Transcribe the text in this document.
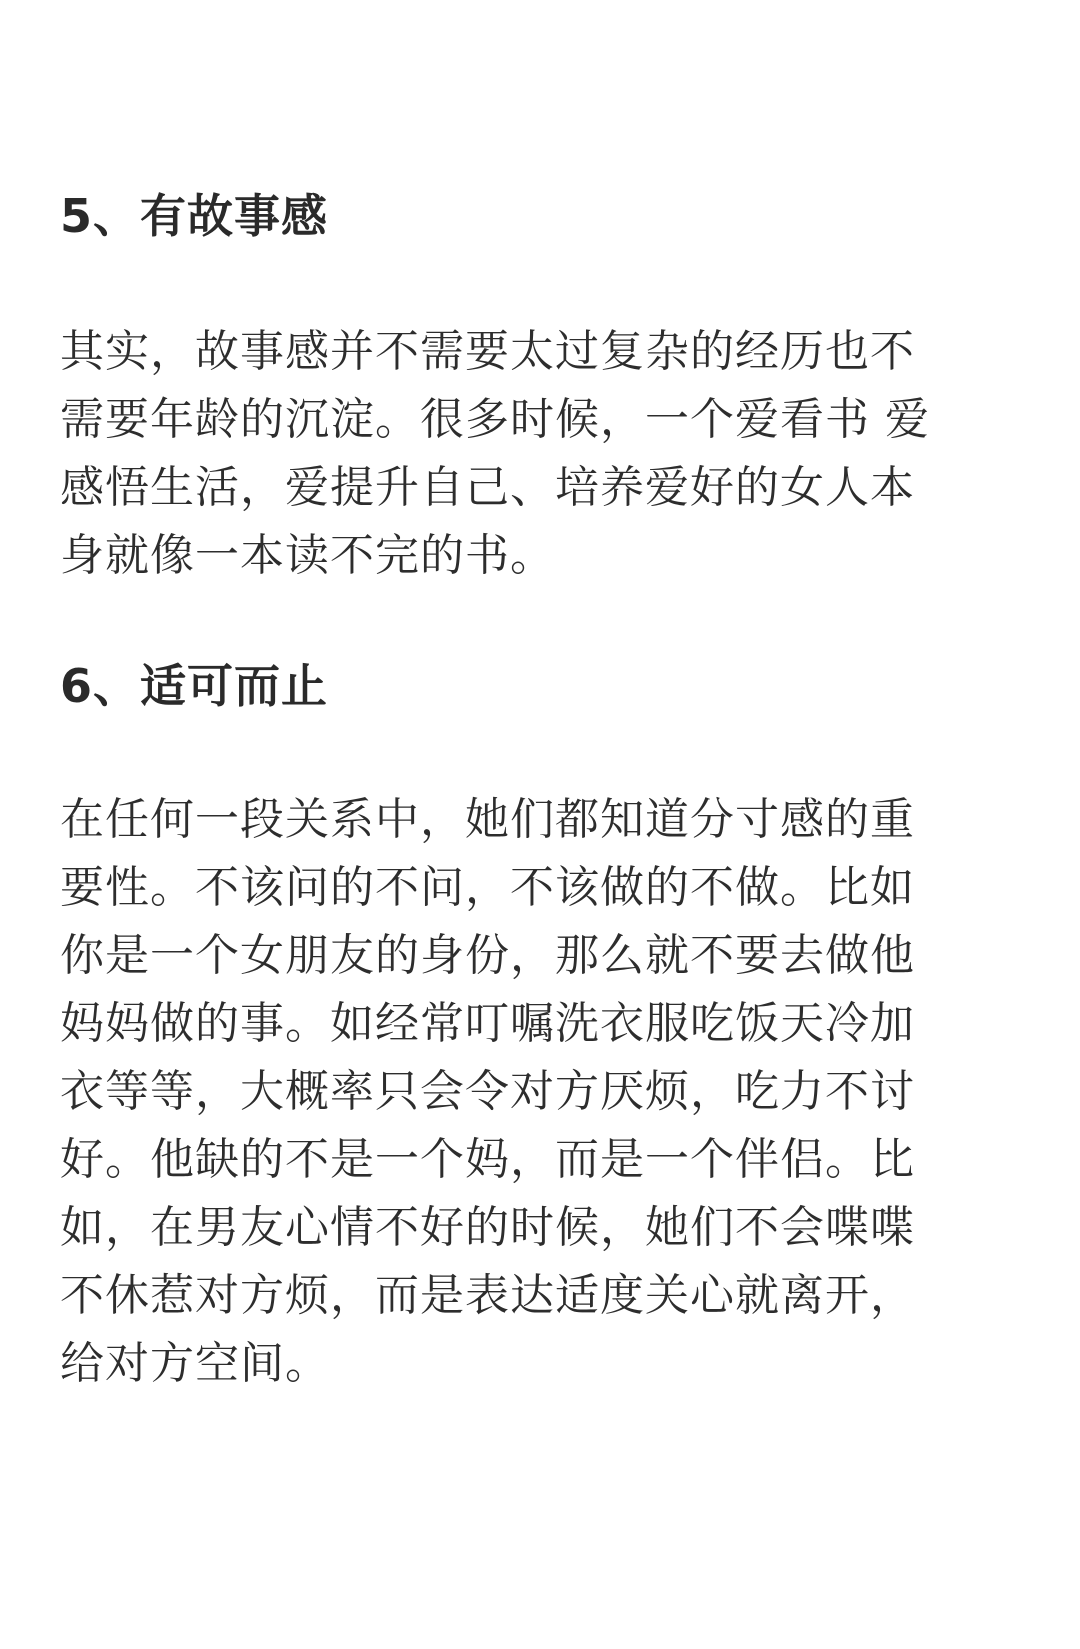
5、有故事感
其实，故事感并不需要太过复杂的经历也不
需要年龄的沉淀。很多时候，一个爱看书 爱
感悟生活，爱提升自己、培养爱好的女人本
身就像一本读不完的书。
6、适可而止
在任何一段关系中，她们都知道分寸感的重
要性。不该问的不问，不该做的不做。比如
你是一个女朋友的身份，那么就不要去做他
妈妈做的事。如经常叮嘱洗衣服吃饭天冷加
衣等等，大概率只会令对方厌烦，吃力不讨
好。他缺的不是一个妈，而是一个伴侣。比
如，在男友心情不好的时候，她们不会喋喋
不休惹对方烦，而是表达适度关心就离开，
给对方空间。
